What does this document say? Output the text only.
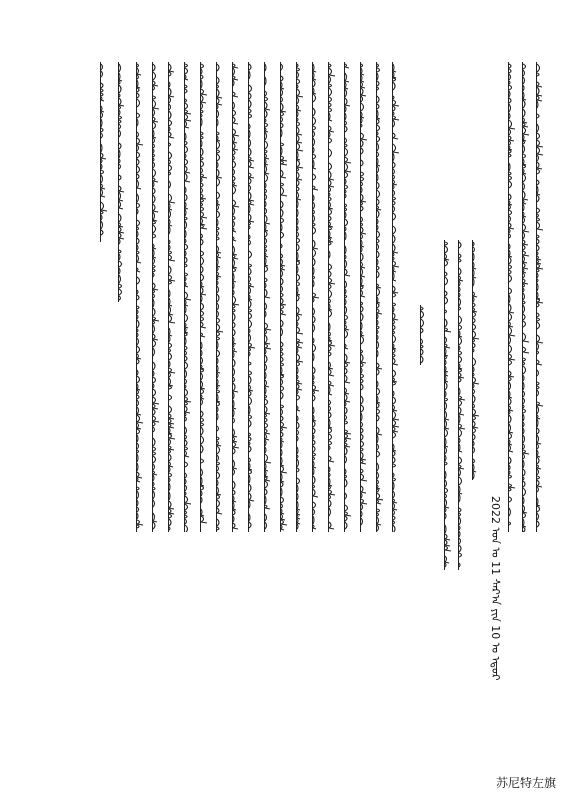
2022 ᠣᠨ ᠤ 11 ᠰᠠᠷ᠎ᠠ ᠶᠢᠨ 10 ᠤ ᠡᠳᠦᠷ
苏尼特左旗
